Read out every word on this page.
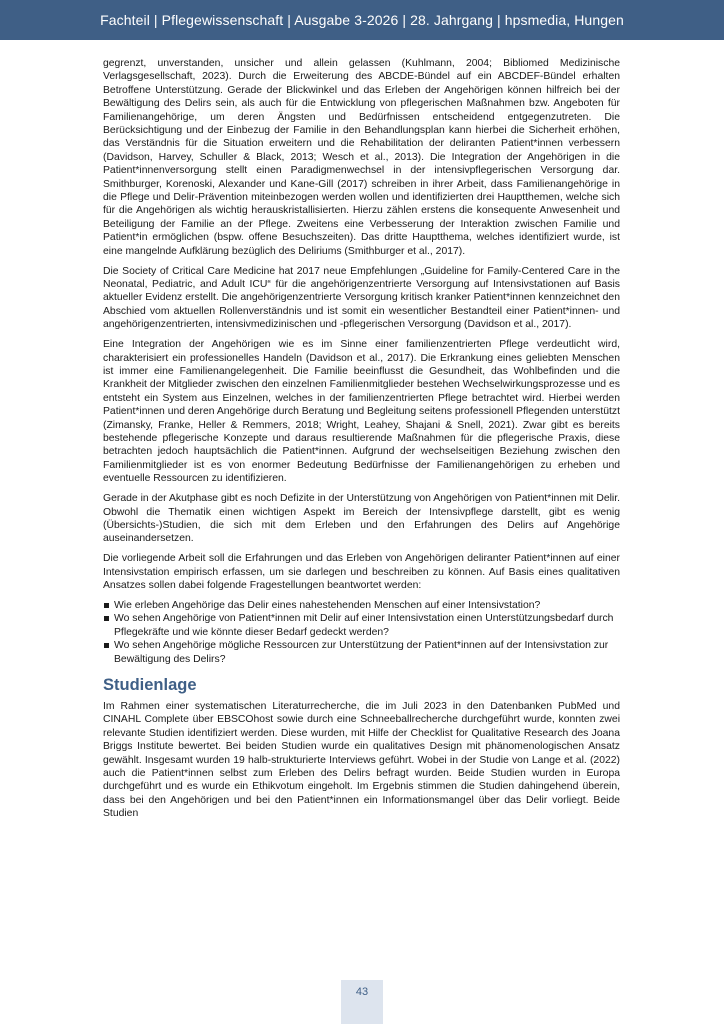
Fachteil | Pflegewissenschaft | Ausgabe 3-2026 | 28. Jahrgang | hpsmedia, Hungen

gegrenzt, unverstanden, unsicher und allein gelassen (Kuhlmann, 2004; Bibliomed Medizinische Verlagsgesellschaft, 2023). Durch die Erweiterung des ABCDE-Bündel auf ein ABCDEF-Bündel erhalten Betroffene Unterstützung. Gerade der Blickwinkel und das Erleben der Angehörigen können hilfreich bei der Bewältigung des Delirs sein, als auch für die Entwicklung von pflegerischen Maßnahmen bzw. Angeboten für Familienangehörige, um deren Ängsten und Bedürfnissen entscheidend entgegenzutreten. Die Berücksichtigung und der Einbezug der Familie in den Behandlungsplan kann hierbei die Sicherheit erhöhen, das Verständnis für die Situation erweitern und die Rehabilitation der deliranten Patient*innen verbessern (Davidson, Harvey, Schuller & Black, 2013; Wesch et al., 2013). Die Integration der Angehörigen in die Patient*innenversorgung stellt einen Paradigmenwechsel in der intensivpflegerischen Versorgung dar. Smithburger, Korenoski, Alexander und Kane-Gill (2017) schreiben in ihrer Arbeit, dass Familienangehörige in die Pflege und Delir-Prävention miteinbezogen werden wollen und identifizierten drei Hauptthemen, welche sich für die Angehörigen als wichtig herauskristallisierten. Hierzu zählen erstens die konsequente Anwesenheit und Beteiligung der Familie an der Pflege. Zweitens eine Verbesserung der Interaktion zwischen Familie und Patient*in ermöglichen (bspw. offene Besuchszeiten). Das dritte Hauptthema, welches identifiziert wurde, ist eine mangelnde Aufklärung bezüglich des Deliriums (Smithburger et al., 2017).

Die Society of Critical Care Medicine hat 2017 neue Empfehlungen „Guideline for Family-Centered Care in the Neonatal, Pediatric, and Adult ICU“ für die angehörigenzentrierte Versorgung auf Intensivstationen auf Basis aktueller Evidenz erstellt. Die angehörigenzentrierte Versorgung kritisch kranker Patient*innen kennzeichnet den Abschied vom aktuellen Rollenverständnis und ist somit ein wesentlicher Bestandteil einer Patient*innen- und angehörigenzentrierten, intensivmedizinischen und -pflegerischen Versorgung (Davidson et al., 2017).

Eine Integration der Angehörigen wie es im Sinne einer familienzentrierten Pflege verdeutlicht wird, charakterisiert ein professionelles Handeln (Davidson et al., 2017). Die Erkrankung eines geliebten Menschen ist immer eine Familienangelegenheit. Die Familie beeinflusst die Gesundheit, das Wohlbefinden und die Krankheit der Mitglieder zwischen den einzelnen Familienmitglieder bestehen Wechselwirkungsprozesse und es entsteht ein System aus Einzelnen, welches in der familienzentrierten Pflege betrachtet wird. Hierbei werden Patient*innen und deren Angehörige durch Beratung und Begleitung seitens professionell Pflegenden unterstützt (Zimansky, Franke, Heller & Remmers, 2018; Wright, Leahey, Shajani & Snell, 2021). Zwar gibt es bereits bestehende pflegerische Konzepte und daraus resultierende Maßnahmen für die pflegerische Praxis, diese betrachten jedoch hauptsächlich die Patient*innen. Aufgrund der wechselseitigen Beziehung zwischen den Familienmitglieder ist es von enormer Bedeutung Bedürfnisse der Familienangehörigen zu erheben und eventuelle Ressourcen zu identifizieren.

Gerade in der Akutphase gibt es noch Defizite in der Unterstützung von Angehörigen von Patient*innen mit Delir. Obwohl die Thematik einen wichtigen Aspekt im Bereich der Intensivpflege darstellt, gibt es wenig (Übersichts-)Studien, die sich mit dem Erleben und den Erfahrungen des Delirs auf Angehörige auseinandersetzen.

Die vorliegende Arbeit soll die Erfahrungen und das Erleben von Angehörigen deliranter Patient*innen auf einer Intensivstation empirisch erfassen, um sie darlegen und beschreiben zu können. Auf Basis eines qualitativen Ansatzes sollen dabei folgende Fragestellungen beantwortet werden:

Wie erleben Angehörige das Delir eines nahestehenden Menschen auf einer Intensivstation?
Wo sehen Angehörige von Patient*innen mit Delir auf einer Intensivstation einen Unterstützungsbedarf durch Pflegekräfte und wie könnte dieser Bedarf gedeckt werden?
Wo sehen Angehörige mögliche Ressourcen zur Unterstützung der Patient*innen auf der Intensivstation zur Bewältigung des Delirs?
Studienlage

Im Rahmen einer systematischen Literaturrecherche, die im Juli 2023 in den Datenbanken PubMed und CINAHL Complete über EBSCOhost sowie durch eine Schneeballrecherche durchgeführt wurde, konnten zwei relevante Studien identifiziert werden. Diese wurden, mit Hilfe der Checklist for Qualitative Research des Joana Briggs Institute bewertet. Bei beiden Studien wurde ein qualitatives Design mit phänomenologischen Ansatz gewählt. Insgesamt wurden 19 halb-strukturierte Interviews geführt. Wobei in der Studie von Lange et al. (2022) auch die Patient*innen selbst zum Erleben des Delirs befragt wurden. Beide Studien wurden in Europa durchgeführt und es wurde ein Ethikvotum eingeholt. Im Ergebnis stimmen die Studien dahingehend überein, dass bei den Angehörigen und bei den Patient*innen ein Informationsmangel über das Delir vorliegt. Beide Studien

43
